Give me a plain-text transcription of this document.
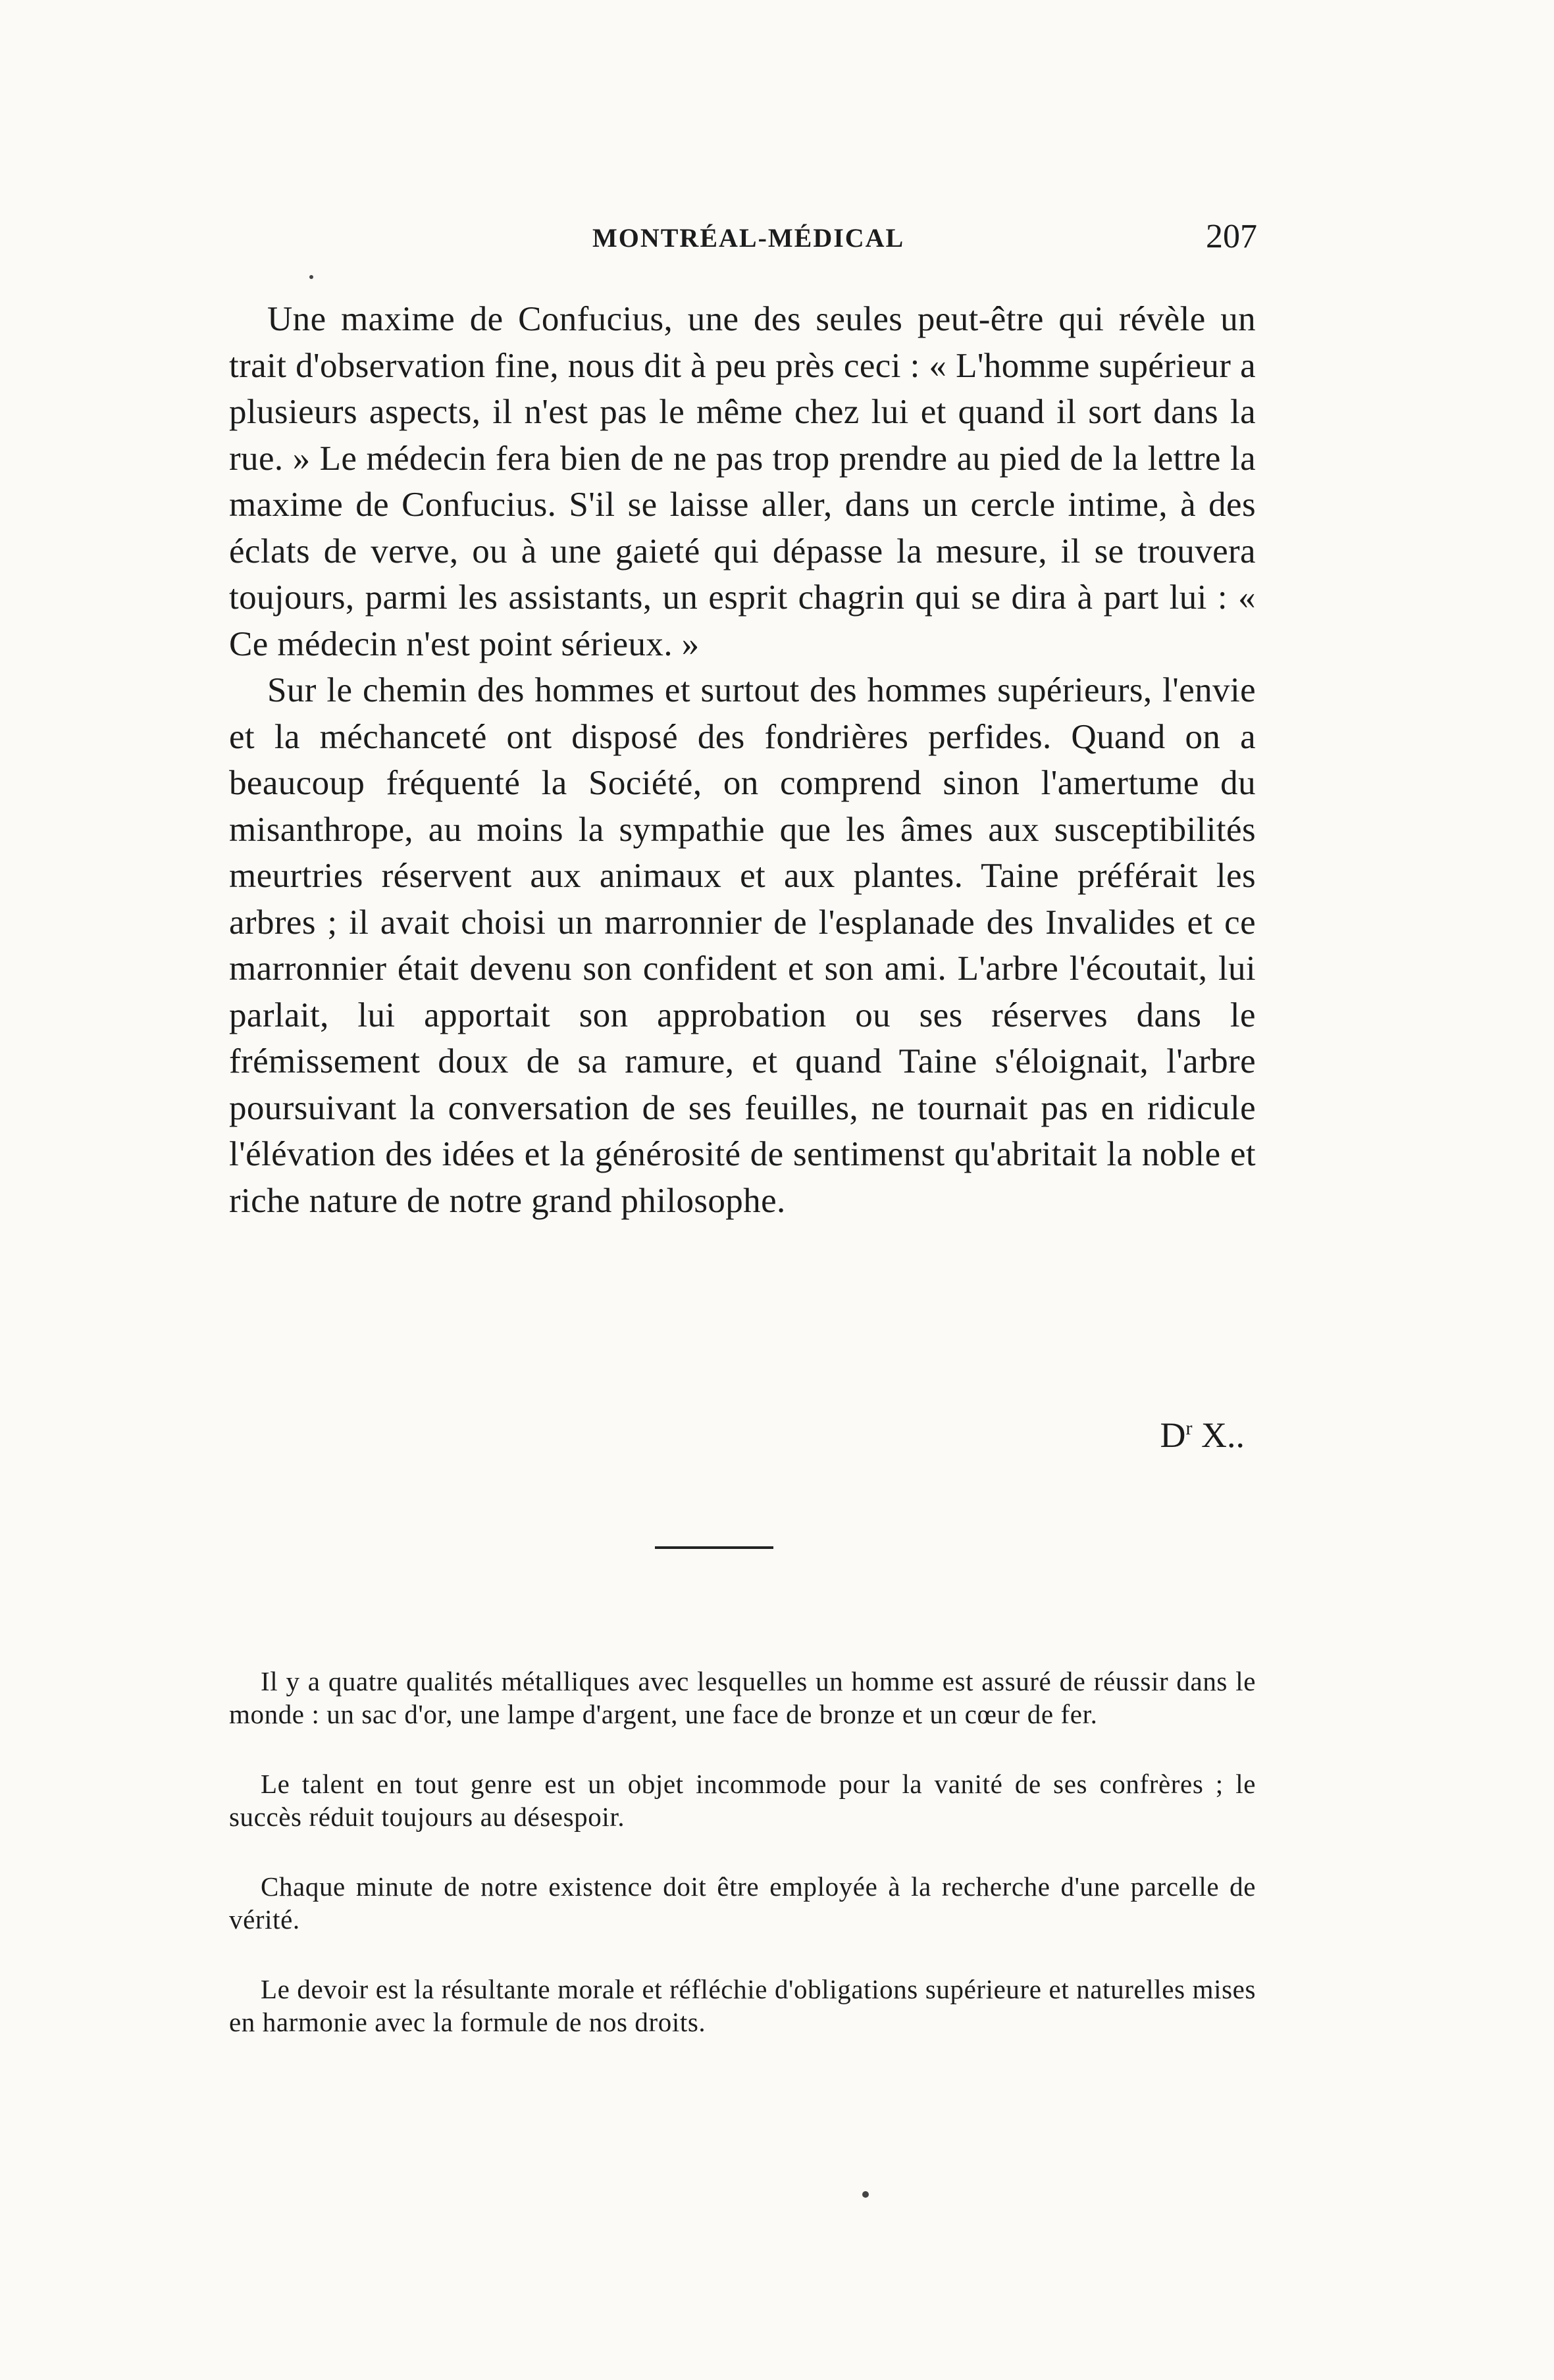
MONTRÉAL-MÉDICAL	207

Une maxime de Confucius, une des seules peut-être qui révèle un trait d'observation fine, nous dit à peu près ceci : « L'homme supérieur a plusieurs aspects, il n'est pas le même chez lui et quand il sort dans la rue. » Le médecin fera bien de ne pas trop prendre au pied de la lettre la maxime de Confucius. S'il se laisse aller, dans un cercle intime, à des éclats de verve, ou à une gaieté qui dépasse la mesure, il se trouvera toujours, parmi les assistants, un esprit chagrin qui se dira à part lui : « Ce médecin n'est point sérieux. »

Sur le chemin des hommes et surtout des hommes supérieurs, l'envie et la méchanceté ont disposé des fondrières perfides. Quand on a beaucoup fréquenté la Société, on comprend sinon l'amertume du misanthrope, au moins la sympathie que les âmes aux susceptibilités meurtries réservent aux animaux et aux plantes. Taine préférait les arbres ; il avait choisi un marronnier de l'esplanade des Invalides et ce marronnier était devenu son confident et son ami. L'arbre l'écoutait, lui parlait, lui apportait son approbation ou ses réserves dans le frémissement doux de sa ramure, et quand Taine s'éloignait, l'arbre poursuivant la conversation de ses feuilles, ne tournait pas en ridicule l'élévation des idées et la générosité de sentimenst qu'abritait la noble et riche nature de notre grand philosophe.

$D^r$ X..

Il y a quatre qualités métalliques avec lesquelles un homme est assuré de réussir dans le monde : un sac d'or, une lampe d'argent, une face de bronze et un cœur de fer.

Le talent en tout genre est un objet incommode pour la vanité de ses confrères ; le succès réduit toujours au désespoir.

Chaque minute de notre existence doit être employée à la recherche d'une parcelle de vérité.

Le devoir est la résultante morale et réfléchie d'obligations supérieure et naturelles mises en harmonie avec la formule de nos droits.
